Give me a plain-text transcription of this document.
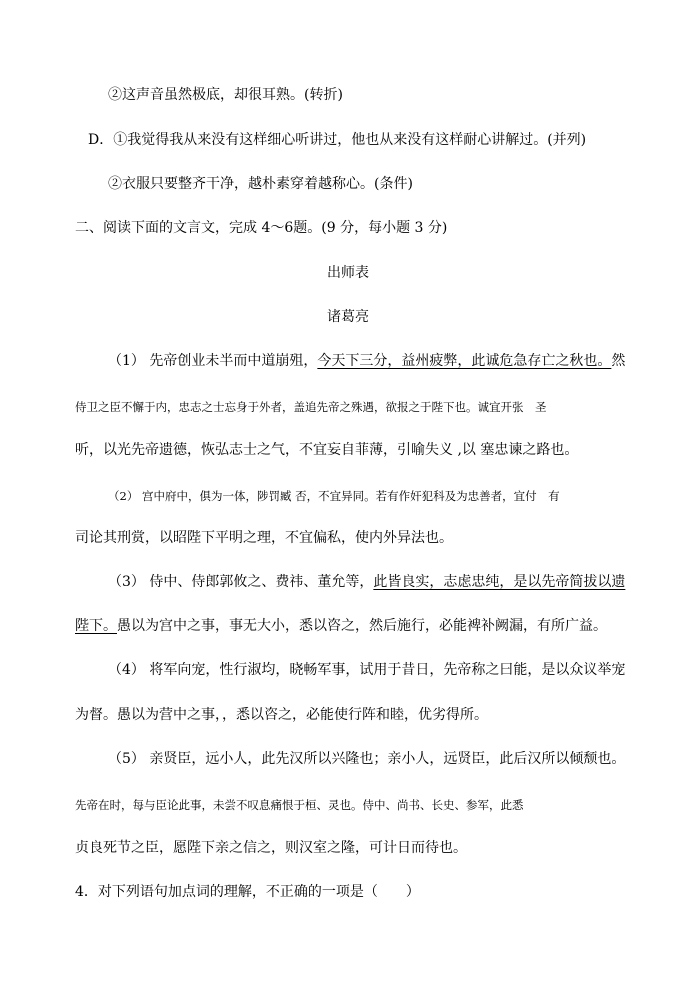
②这声音虽然极底，却很耳熟。(转折)
D．①我觉得我从来没有这样细心听讲过，他也从来没有这样耐心讲解过。(并列)
②衣服只要整齐干净，越朴素穿着越称心。(条件)
二、阅读下面的文言文，完成 4～6题。(9 分，每小题 3 分)
出师表
诸葛亮
（1） 先帝创业未半而中道崩殂，今天下三分，益州疲弊，此诚危急存亡之秋也。然
侍卫之臣不懈于内，忠志之士忘身于外者，盖追先帝之殊遇，欲报之于陛下也。诚宜开张　圣
听，以光先帝遗德，恢弘志士之气，不宜妄自菲薄，引喻失义 ,以 塞忠谏之路也。
（2） 宫中府中，俱为一体，陟罚臧 否，不宜异同。若有作奸犯科及为忠善者，宜付　有
司论其刑赏，以昭陛下平明之理，不宜偏私，使内外异法也。
（3） 侍中、侍郎郭攸之、费祎、董允等，此皆良实，志虑忠纯，是以先帝简拔以遗
陛下。愚以为宫中之事，事无大小，悉以咨之，然后施行，必能裨补阙漏，有所广益。
（4） 将军向宠，性行淑均，晓畅军事，试用于昔日，先帝称之曰能，是以众议举宠
为督。愚以为营中之事，，悉以咨之，必能使行阵和睦，优劣得所。
（5） 亲贤臣，远小人，此先汉所以兴隆也；亲小人，远贤臣，此后汉所以倾颓也。
先帝在时，每与臣论此事，未尝不叹息痛恨于桓、灵也。侍中、尚书、长史、参军，此悉
贞良死节之臣，愿陛下亲之信之，则汉室之隆，可计日而待也。
4．对下列语句加点词的理解，不正确的一项是（　　）
